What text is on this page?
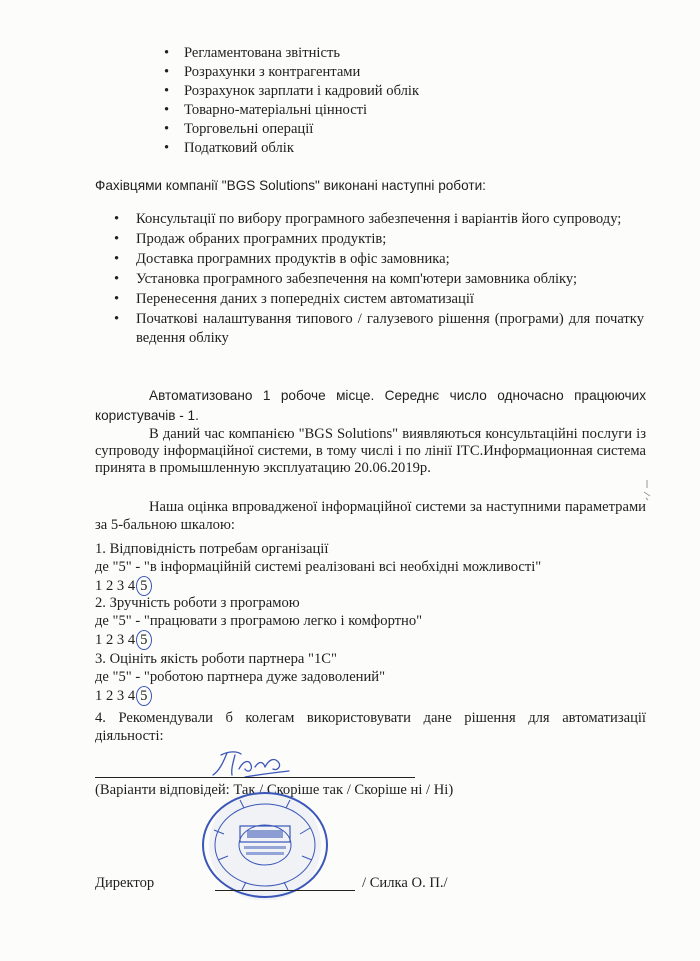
• Регламентована звітність
• Розрахунки з контрагентами
• Розрахунок зарплати і кадровий облік
• Товарно-матеріальні цінності
• Торговельні операції
• Податковий облік
Фахівцями компанії "BGS Solutions" виконані наступні роботи:
• Консультації по вибору програмного забезпечення і варіантів його супроводу;
• Продаж обраних програмних продуктів;
• Доставка програмних продуктів в офіс замовника;
• Установка програмного забезпечення на комп'ютери замовника обліку;
• Перенесення даних з попередніх систем автоматизації
• Початкові налаштування типового / галузевого рішення (програми) для початку ведення обліку
Автоматизовано 1 робоче місце. Середнє число одночасно працюючих користувачів - 1.
В даний час компанією "BGS Solutions" виявляються консультаційні послуги із супроводу інформаційної системи, в тому числі і по лінії ІТС.Информационная система принята в промышленную эксплуатацию 20.06.2019р.
Наша оцінка впровадженої інформаційної системи за наступними параметрами за 5-бальною шкалою:
1. Відповідність потребам організації
де "5" - "в інформаційній системі реалізовані всі необхідні можливості"
1 2 3 4 5
2. Зручність роботи з програмою
де "5" - "працювати з програмою легко і комфортно"
1 2 3 4 5
3. Оцініть якість роботи партнера "1С"
де "5" - "роботою партнера дуже задоволений"
1 2 3 4 5
4. Рекомендували б колегам використовувати дане рішення для автоматизації діяльності:
(Варіанти відповідей: Так / Скоріше так / Скоріше ні / Ні)
Директор	/ Силка О. П./
